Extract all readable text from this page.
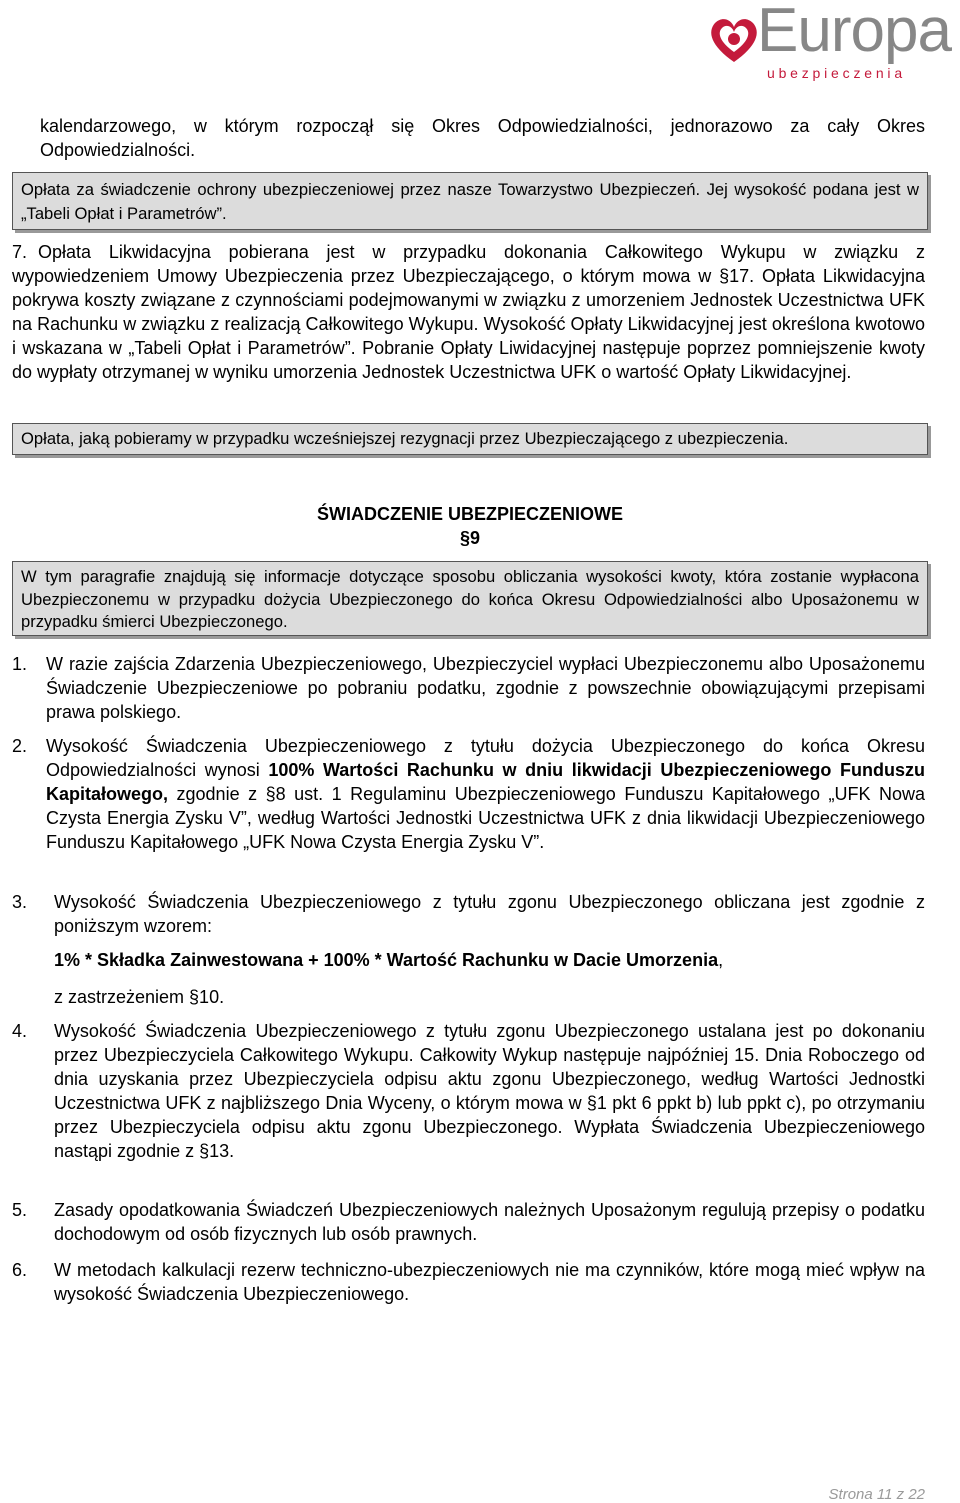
Europa
ubezpieczenia
kalendarzowego, w którym rozpoczął się Okres Odpowiedzialności, jednorazowo za cały Okres Odpowiedzialności.
Opłata za świadczenie ochrony ubezpieczeniowej przez nasze Towarzystwo Ubezpieczeń. Jej wysokość podana jest w „Tabeli Opłat i Parametrów”.
7. Opłata Likwidacyjna pobierana jest w przypadku dokonania Całkowitego Wykupu w związku z wypowiedzeniem Umowy Ubezpieczenia przez Ubezpieczającego, o którym mowa w §17. Opłata Likwidacyjna pokrywa koszty związane z czynnościami podejmowanymi w związku z umorzeniem Jednostek Uczestnictwa UFK na Rachunku w związku z realizacją Całkowitego Wykupu. Wysokość Opłaty Likwidacyjnej jest określona kwotowo i wskazana w „Tabeli Opłat i Parametrów”. Pobranie Opłaty Liwidacyjnej następuje poprzez pomniejszenie kwoty do wypłaty otrzymanej w wyniku umorzenia Jednostek Uczestnictwa UFK o wartość Opłaty Likwidacyjnej.
Opłata, jaką pobieramy w przypadku wcześniejszej rezygnacji przez Ubezpieczającego z ubezpieczenia.
ŚWIADCZENIE UBEZPIECZENIOWE
§9
W tym paragrafie znajdują się informacje dotyczące sposobu obliczania wysokości kwoty, która zostanie wypłacona Ubezpieczonemu w przypadku dożycia Ubezpieczonego do końca Okresu Odpowiedzialności albo Uposażonemu w przypadku śmierci Ubezpieczonego.
1. W razie zajścia Zdarzenia Ubezpieczeniowego, Ubezpieczyciel wypłaci Ubezpieczonemu albo Uposażonemu Świadczenie Ubezpieczeniowe po pobraniu podatku, zgodnie z powszechnie obowiązującymi przepisami prawa polskiego.
2. Wysokość Świadczenia Ubezpieczeniowego z tytułu dożycia Ubezpieczonego do końca Okresu Odpowiedzialności wynosi 100% Wartości Rachunku w dniu likwidacji Ubezpieczeniowego Funduszu Kapitałowego, zgodnie z §8 ust. 1 Regulaminu Ubezpieczeniowego Funduszu Kapitałowego „UFK Nowa Czysta Energia Zysku V”, według Wartości Jednostki Uczestnictwa UFK z dnia likwidacji Ubezpieczeniowego Funduszu Kapitałowego „UFK Nowa Czysta Energia Zysku V”.
3. Wysokość Świadczenia Ubezpieczeniowego z tytułu zgonu Ubezpieczonego obliczana jest zgodnie z poniższym wzorem:
1% * Składka Zainwestowana + 100% * Wartość Rachunku w Dacie Umorzenia,
z zastrzeżeniem §10.
4. Wysokość Świadczenia Ubezpieczeniowego z tytułu zgonu Ubezpieczonego ustalana jest po dokonaniu przez Ubezpieczyciela Całkowitego Wykupu. Całkowity Wykup następuje najpóźniej 15. Dnia Roboczego od dnia uzyskania przez Ubezpieczyciela odpisu aktu zgonu Ubezpieczonego, według Wartości Jednostki Uczestnictwa UFK z najbliższego Dnia Wyceny, o którym mowa w §1 pkt 6 ppkt b) lub ppkt c), po otrzymaniu przez Ubezpieczyciela odpisu aktu zgonu Ubezpieczonego. Wypłata Świadczenia Ubezpieczeniowego nastąpi zgodnie z §13.
5. Zasady opodatkowania Świadczeń Ubezpieczeniowych należnych Uposażonym regulują przepisy o podatku dochodowym od osób fizycznych lub osób prawnych.
6. W metodach kalkulacji rezerw techniczno-ubezpieczeniowych nie ma czynników, które mogą mieć wpływ na wysokość Świadczenia Ubezpieczeniowego.
Strona 11 z 22
